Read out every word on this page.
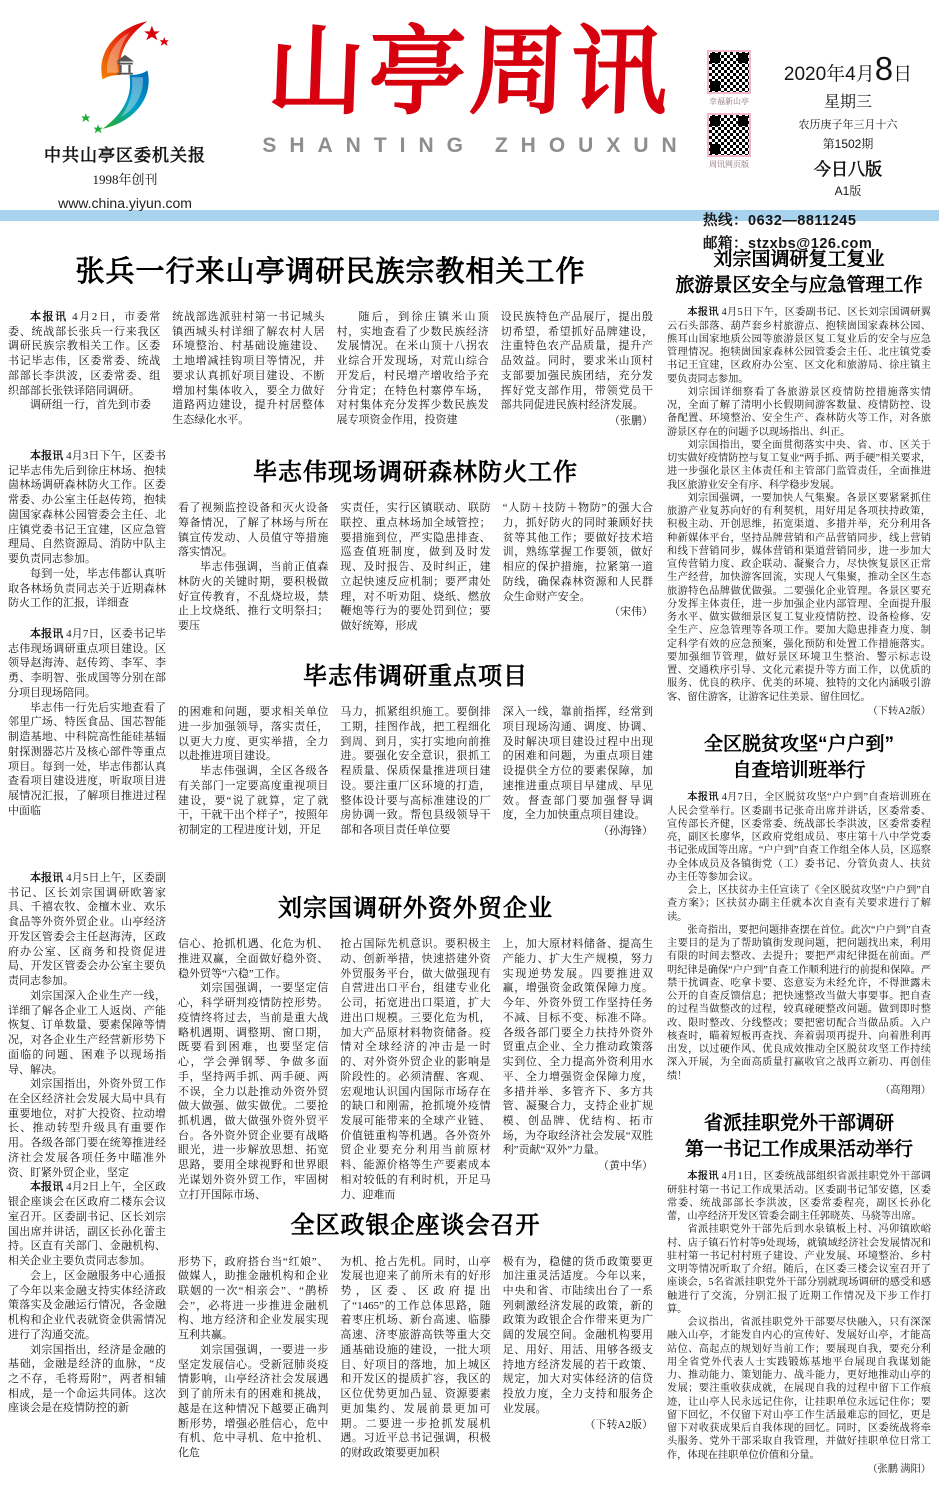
中共山亭区委机关报
1998年创刊
www.china.yiyun.com
山亭周讯
SHANTING ZHOUXUN
幸福新山亭
周讯网页版
2020年4月8日
星期三
农历庚子年三月十六
第1502期
今日八版
A1版
热线：0632—8811245
邮箱：stzxbs@126.com
张兵一行来山亭调研民族宗教相关工作

本报讯 4月2日，市委常委、统战部长张兵一行来我区调研民族宗教相关工作。区委书记毕志伟，区委常委、统战部部长李洪波，区委常委、组织部部长张铁译陪同调研。

调研组一行，首先到市委

统战部选派驻村第一书记城头镇西城头村详细了解农村人居环境整治、村基础设施建设、土地增减挂钩项目等情况，并要求认真抓好项目建设、不断增加村集体收入，要全力做好道路两边建设，提升村居整体生态绿化水平。

随后，到徐庄镇米山顶村，实地查看了少数民族经济发展情况。在米山顶十八拐农业综合开发现场，对荒山综合开发后，村民增产增收给予充分肯定；在特色村寨停车场，对村集体充分发挥少数民族发展专项资金作用，投资建

设民族特色产品展厅，提出殷切希望，希望抓好品牌建设，注重特色农产品质量，提升产品效益。同时，要求米山顶村支部要加强民族团结，充分发挥好党支部作用，带领党员干部共同促进民族村经济发展。

（张鹏）

本报讯 4月3日下午，区委书记毕志伟先后到徐庄林场、抱犊崮林场调研森林防火工作。区委常委、办公室主任赵传筠，抱犊崮国家森林公园管委会主任、北庄镇党委书记王宜建，区应急管理局、自然资源局、消防中队主要负责同志参加。

每到一处，毕志伟都认真听取各林场负责同志关于近期森林防火工作的汇报，详细查

本报讯 4月7日，区委书记毕志伟现场调研重点项目建设。区领导赵海涛、赵传筠、李军、李勇、李明智、张成国等分别在部分项目现场陪同。

毕志伟一行先后实地查看了邻里广场、特医食品、国芯智能制造基地、中科院高性能硅基辐射探测器芯片及核心部件等重点项目。每到一处，毕志伟都认真查看项目建设进度，听取项目进展情况汇报，了解项目推进过程中面临

本报讯 4月5日上午，区委副书记、区长刘宗国调研欧箸家具、千禧农牧、金檀木业、欢乐食品等外资外贸企业。山亭经济开发区管委会主任赵海涛，区政府办公室、区商务和投资促进局、开发区管委会办公室主要负责同志参加。

刘宗国深入企业生产一线，详细了解各企业工人返岗、产能恢复、订单数量、要素保障等情况，对各企业生产经营新形势下面临的问题、困难予以现场指导、解决。

刘宗国指出，外资外贸工作在全区经济社会发展大局中具有重要地位，对扩大投资、拉动增长、推动转型升级具有重要作用。各级各部门要在统筹推进经济社会发展各项任务中瞄准外资、盯紧外贸企业，坚定

本报讯 4月2日上午，全区政银企座谈会在区政府二楼东会议室召开。区委副书记、区长刘宗国出席并讲话，副区长孙化蕾主持。区直有关部门、金融机构、相关企业主要负责同志参加。

会上，区金融服务中心通报了今年以来金融支持实体经济政策落实及金融运行情况，各金融机构和企业代表就资金供需情况进行了沟通交流。

刘宗国指出，经济是金融的基础，金融是经济的血脉，“皮之不存，毛将焉附”，两者相辅相成，是一个命运共同体。这次座谈会是在疫情防控的新

毕志伟现场调研森林防火工作

看了视频监控设备和灭火设备筹备情况，了解了林场与所在镇宣传发动、人员值守等措施落实情况。

毕志伟强调，当前正值森林防火的关键时期，要积极做好宣传教育，不乱烧垃圾，禁止上坟烧纸、推行文明祭扫；要压

实责任，实行区镇联动、联防联控、重点林场加全域管控；要措施到位，严实隐患排查、巡查值班制度，做到及时发现、及时报告、及时纠正，建立起快速反应机制；要严肃处理，对不听劝阻、烧纸、燃放鞭炮等行为的要处罚到位；要做好统筹，形成

“人防＋技防＋物防”的强大合力，抓好防火的同时兼顾好扶贫等其他工作；要做好技术培训，熟练掌握工作要领，做好相应的保护措施，拉紧第一道防线，确保森林资源和人民群众生命财产安全。

（宋伟）

毕志伟调研重点项目

的困难和问题，要求相关单位进一步加强领导，落实责任，以更大力度、更实举措，全力以赴推进项目建设。

毕志伟强调，全区各级各有关部门一定要高度重视项目建设，要“说了就算，定了就干，干就干出个样子”，按照年初制定的工程进度计划，开足

马力，抓紧组织施工。要倒排工期，挂图作战，把工程细化到周、到月，实打实地向前推进。要强化安全意识，狠抓工程质量、保质保量推进项目建设。要注重厂区环境的打造，整体设计要与高标准建设的厂房协调一致。帮包县级领导干部和各项目责任单位要

深入一线，靠前指挥，经常到项目现场沟通、调度、协调、及时解决项目建设过程中出现的困难和问题，为重点项目建设提供全方位的要素保障，加速推进重点项目早建成、早见效。督查部门要加强督导调度，全力加快重点项目建设。

（孙海锋）

刘宗国调研外资外贸企业

信心、抢抓机遇、化危为机、推进双赢，全面做好稳外资、稳外贸等“六稳”工作。

刘宗国强调，一要坚定信心，科学研判疫情防控形势。疫情终将过去，当前是重大战略机遇期、调整期、窗口期，既要看到困难，也要坚定信心，学会弹钢琴、争做多面手，坚持两手抓、两手硬、两不误，全力以赴推动外资外贸做大做强、做实做优。二要抢抓机遇，做大做强外资外贸平台。各外资外贸企业要有战略眼光，进一步解放思想、拓宽思路，要用全球视野和世界眼光谋划外资外贸工作，牢固树立打开国际市场、

抢占国际先机意识。要积极主动、创新举措，快速搭建外资外贸服务平台，做大做强现有自营进出口平台，组建专业化公司，拓宽进出口渠道，扩大进出口规模。三要化危为机，加大产品原材料物资储备。疫情对全球经济的冲击是一时的、对外资外贸企业的影响是阶段性的。必须清醒、客观、宏观地认识国内国际市场存在的缺口和刚需，抢抓境外疫情发展可能带来的全球产业链、价值链重构等机遇。各外资外贸企业要充分利用当前原材料、能源价格等生产要素成本相对较低的有利时机，开足马力、迎难而

上，加大原材料储备、提高生产能力、扩大生产规模，努力实现逆势发展。四要推进双赢，增强资金政策保障力度。今年、外资外贸工作坚持任务不减、目标不变、标准不降。各级各部门要全力扶持外资外贸重点企业、全力推动政策落实到位、全力提高外资利用水平、全力增强资金保障力度，多措并举、多管齐下、多方共管、凝聚合力，支持企业扩规模、创品牌、优结构、拓市场，为夺取经济社会发展“双胜利”贡献“双外”力量。

（黄中华）

全区政银企座谈会召开

形势下，政府搭台当“红娘”、做媒人，助推金融机构和企业联姻的一次“相亲会”、“鹊桥会”，必将进一步推进金融机构、地方经济和企业发展实现互利共赢。

刘宗国强调，一要进一步坚定发展信心。受新冠肺炎疫情影响，山亭经济社会发展遇到了前所未有的困难和挑战，越是在这种情况下越要正确判断形势，增强必胜信心，危中有机、危中寻机、危中抢机、化危

为机、抢占先机。同时，山亭发展也迎来了前所未有的好形势，区委、区政府提出了“1465”的工作总体思路，随着枣庄机场、新台高速、临滕高速、济枣旅游高铁等重大交通基础设施的建设，一批大项目、好项目的落地，加上城区和开发区的提质扩容，我区的区位优势更加凸显、资源要素更加集约、发展前景更加可期。二要进一步抢抓发展机遇。习近平总书记强调，积极的财政政策要更加积

极有为，稳健的货币政策要更加注重灵活适度。今年以来，中央和省、市陆续出台了一系列刺激经济发展的政策，新的政策为政银企合作带来更为广阔的发展空间。金融机构要用足、用好、用活、用够各级支持地方经济发展的若干政策、规定，加大对实体经济的信贷投放力度，全力支持和服务企业发展。

（下转A2版）

刘宗国调研复工复业
旅游景区安全与应急管理工作

本报讯 4月5日下午，区委副书记、区长刘宗国调研翼云石头部落、葫芦套乡村旅游点、抱犊崮国家森林公园、熊耳山国家地质公园等旅游景区复工复业后的安全与应急管理情况。抱犊崮国家森林公园管委会主任、北庄镇党委书记王宜建，区政府办公室、区文化和旅游局、徐庄镇主要负责同志参加。

刘宗国详细察看了各旅游景区疫情防控措施落实情况，全面了解了清明小长假期间游客数量、疫情防控、设备配置、环境整治、安全生产、森林防火等工作，对各旅游景区存在的问题予以现场指出、纠正。

刘宗国指出，要全面贯彻落实中央、省、市、区关于切实做好疫情防控与复工复业“两手抓、两手硬”相关要求，进一步强化景区主体责任和主管部门监管责任，全面推进我区旅游业安全有序、科学稳步发展。

刘宗国强调，一要加快人气集聚。各景区要紧紧抓住旅游产业复苏向好的有利契机，用好用足各项扶持政策，积极主动、开创思维，拓宽渠道、多措并举，充分利用各种新媒体平台，坚持品牌营销和产品营销同步，线上营销和线下营销同步，媒体营销和渠道营销同步，进一步加大宣传营销力度、政企联动、凝聚合力，尽快恢复景区正常生产经营，加快游客回流，实现人气集聚，推动全区生态旅游特色品牌做优做强。二要强化企业管理。各景区要充分发挥主体责任，进一步加强企业内部管理、全面提升服务水平、做实做细景区复工复业疫情防控、设备检修、安全生产、应急管理等各项工作。要加大隐患排查力度、制定科学有效的应急预案，强化预防和处置工作措施落实。要加强细节管理，做好景区环境卫生整治、警示标志设置、交通秩序引导、文化元素提升等方面工作，以优质的服务、优良的秩序、优美的环境、独特的文化内涵吸引游客、留住游客，让游客记住美景、留住回忆。

（下转A2版）

全区脱贫攻坚“户户到”
自查培训班举行

本报讯 4月7日，全区脱贫攻坚“户户到”自查培训班在人民会堂举行。区委副书记张奇出席并讲话，区委常委、宣传部长齐健，区委常委、统战部长李洪波，区委常委程亮，副区长廖华，区政府党组成员、枣庄第十八中学党委书记张成国等出席。“户户到”自查工作组全体人员，区巡察办全体成员及各镇街党（工）委书记、分管负责人、扶贫办主任等参加会议。

会上，区扶贫办主任宣读了《全区脱贫攻坚“户户到”自查方案》；区扶贫办副主任就本次自查有关要求进行了解读。

张奇指出，要把问题排查摆在首位。此次“户户到”自查主要目的是为了帮助镇街发现问题，把问题找出来，利用有限的时间去整改、去提升；要把严肃纪律挺在前面。严明纪律是确保“户户到”自查工作顺利进行的前提和保障。严禁干扰调查、吃拿卡要、恣意妄为未经允许，不得泄露未公开的自查反馈信息；把快速整改当做大事要事。把自查的过程当做整改的过程，较真碰硬整改问题。做到即时整改、限时整改、分线整改；要把密切配合当做品质。入户核查时，瞄着短板再查找、奔着弱项再提升、向着胜利再出发，以过硬作风、优良成效推动全区脱贫攻坚工作持续深入开展，为全面高质量打赢收官之战再立新功、再创佳绩！

（高翔翔）

省派挂职党外干部调研
第一书记工作成果活动举行

本报讯 4月1日，区委统战部组织省派挂职党外干部调研驻村第一书记工作成果活动。区委副书记邹安德，区委常委、统战部部长李洪波，区委常委程亮，副区长孙化蕾，山亭经济开发区管委会副主任郭晓英、马骁等出席。

省派挂职党外干部先后到水泉镇板上村、冯卯镇欧峪村、店子镇石竹村等9处现场，就镇域经济社会发展情况和驻村第一书记村村班子建设、产业发展、环境整治、乡村文明等情况听取了介绍。随后，在区委三楼会议室召开了座谈会，5名省派挂职党外干部分别就现场调研的感受和感触进行了交流，分别汇报了近期工作情况及下步工作打算。

会议指出，省派挂职党外干部要尽快融入，只有深深融入山亭，才能发自内心的宣传好、发展好山亭，才能高站位、高起点的规划好当前工作；要展现自我，要充分利用全省党外代表人士实践锻炼基地平台展现自我谋划能力、推动能力、策划能力、战斗能力，更好地推动山亭的发展；要注重收获成就，在展现自我的过程中留下工作痕迹，让山亭人民永远记住你，让挂职单位永远记住你；要留下回忆，不仅留下对山亭工作生活最难忘的回忆，更是留下对收获成果后自我体现的回忆。同时，区委统战将牵头服务、党外干部采取自我管理，并做好挂职单位日常工作，体现在挂职单位价值和分量。

（张鹏 满阳）
